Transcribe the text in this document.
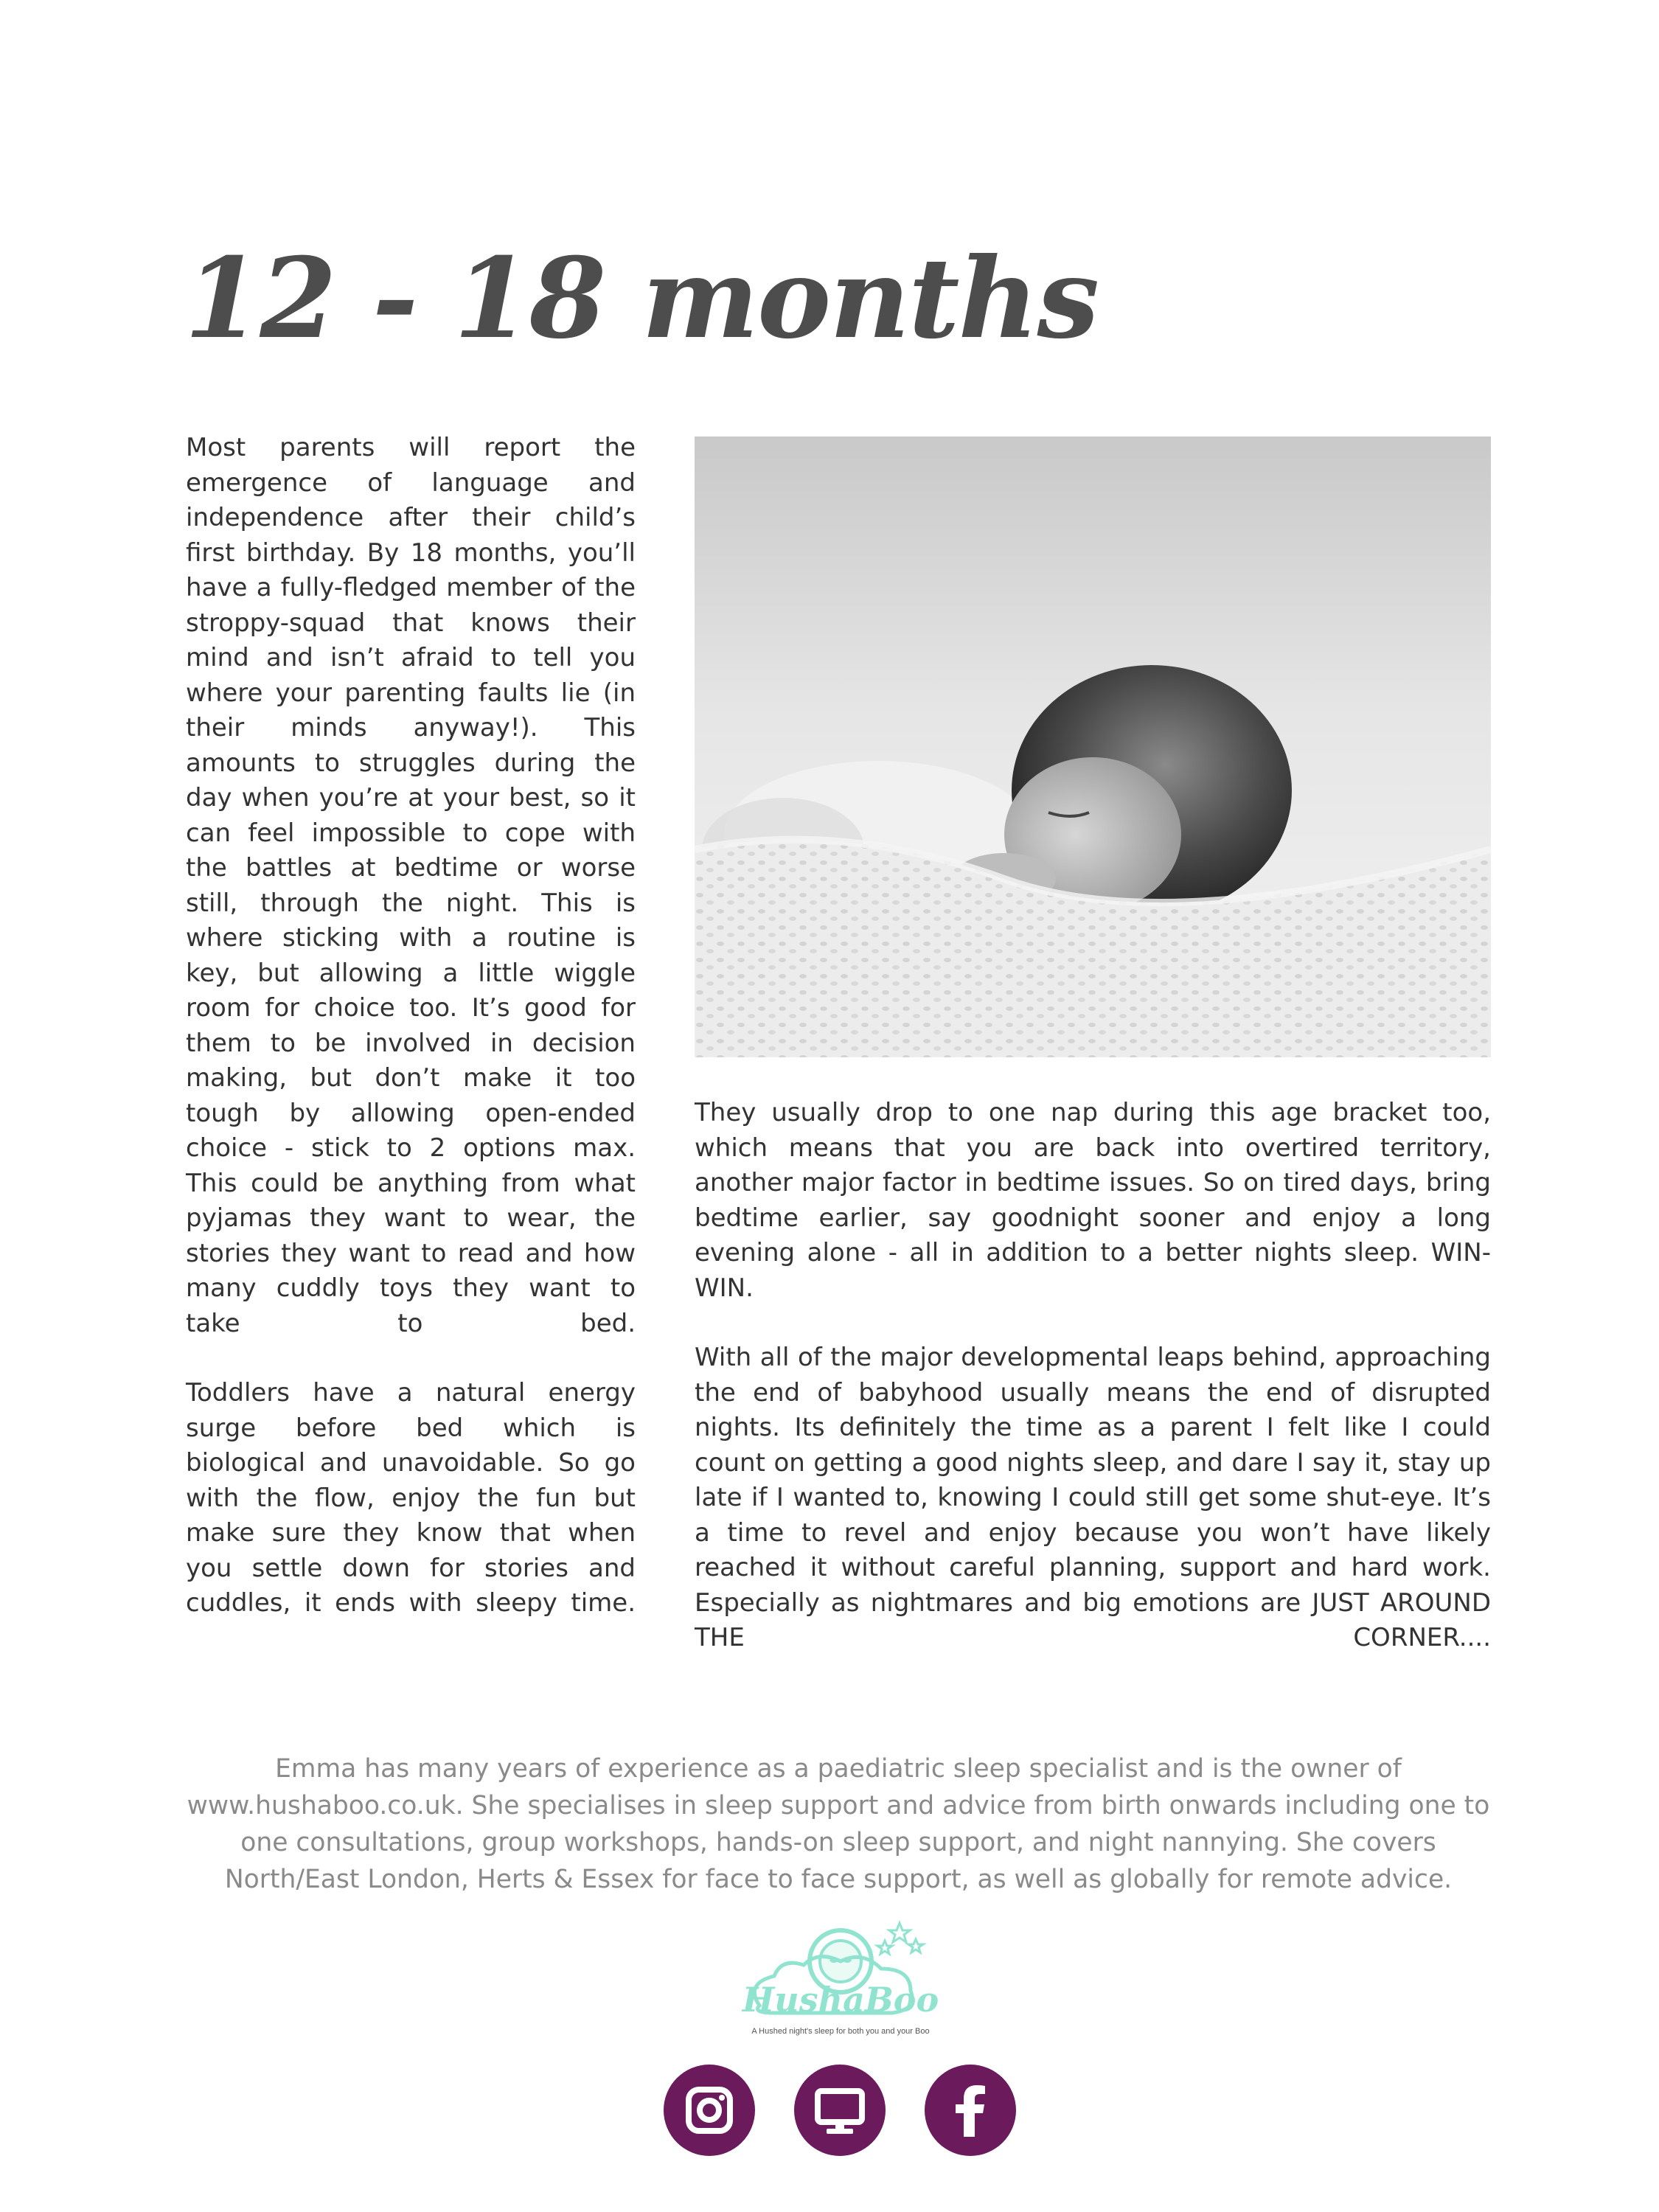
12 - 18 months

Most parents will report the emergence of language and independence after their child’s first birthday. By 18 months, you’ll have a fully-fledged member of the stroppy-squad that knows their mind and isn’t afraid to tell you where your parenting faults lie (in their minds anyway!). This amounts to struggles during the day when you’re at your best, so it can feel impossible to cope with the battles at bedtime or worse still, through the night. This is where sticking with a routine is key, but allowing a little wiggle room for choice too. It’s good for them to be involved in decision making, but don’t make it too tough by allowing open-ended choice - stick to 2 options max. This could be anything from what pyjamas they want to wear, the stories they want to read and how many cuddly toys they want to take to bed.

Toddlers have a natural energy surge before bed which is biological and unavoidable. So go with the flow, enjoy the fun but make sure they know that when you settle down for stories and cuddles, it ends with sleepy time.

They usually drop to one nap during this age bracket too, which means that you are back into overtired territory, another major factor in bedtime issues. So on tired days, bring bedtime earlier, say goodnight sooner and enjoy a long evening alone - all in addition to a better nights sleep. WIN-WIN.

With all of the major developmental leaps behind, approaching the end of babyhood usually means the end of disrupted nights. Its definitely the time as a parent I felt like I could count on getting a good nights sleep, and dare I say it, stay up late if I wanted to, knowing I could still get some shut-eye. It’s a time to revel and enjoy because you won’t have likely reached it without careful planning, support and hard work. Especially as nightmares and big emotions are JUST AROUND THE CORNER....

Emma has many years of experience as a paediatric sleep specialist and is the owner of www.hushaboo.co.uk. She specialises in sleep support and advice from birth onwards including one to one consultations, group workshops, hands-on sleep support, and night nannying. She covers North/East London, Herts & Essex for face to face support, as well as globally for remote advice.

HushaBoo
A Hushed night's sleep for both you and your Boo
